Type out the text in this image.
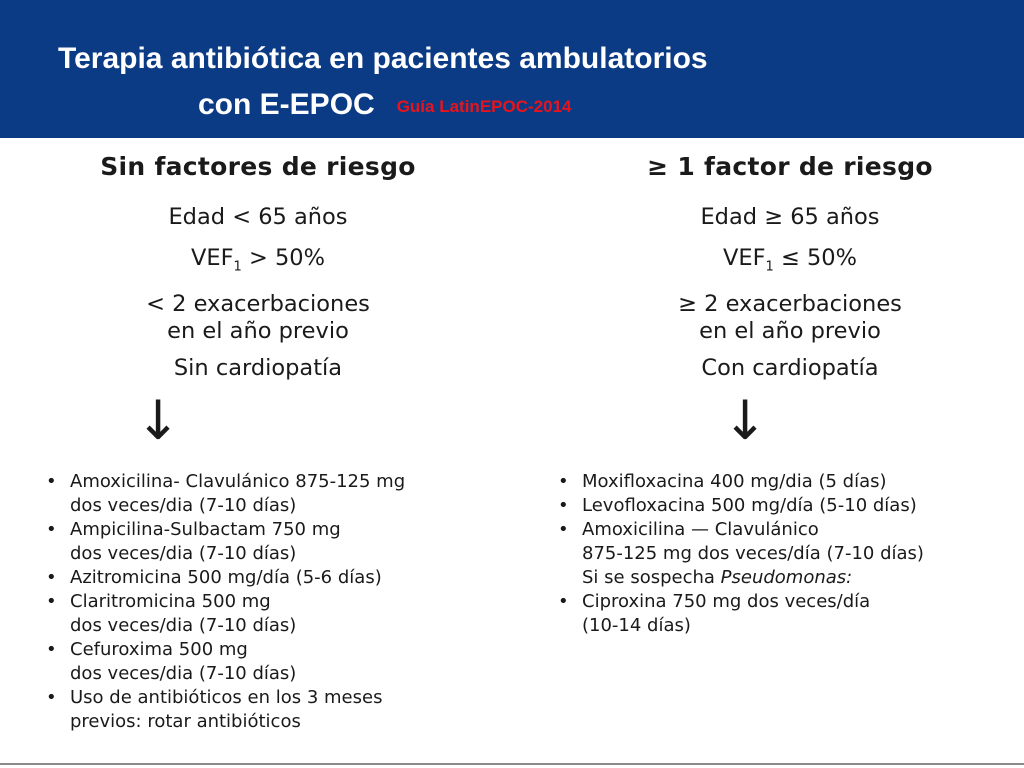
Terapia antibiótica en pacientes ambulatorios
con E-EPOC Guía LatinEPOC-2014
Sin factores de riesgo
Edad < 65 años
$VEF_1 > 50\%$
< 2 exacerbaciones
en el año previo
Sin cardiopatía
↓
• Amoxicilina- Clavulánico 875-125 mg
dos veces/dia (7-10 días)
• Ampicilina-Sulbactam 750 mg
dos veces/dia (7-10 días)
• Azitromicina 500 mg/día (5-6 días)
• Claritromicina 500 mg
dos veces/dia (7-10 días)
• Cefuroxima 500 mg
dos veces/dia (7-10 días)
• Uso de antibióticos en los 3 meses
previos: rotar antibióticos
≥ 1 factor de riesgo
Edad ≥ 65 años
$VEF_1 \le 50\%$
≥ 2 exacerbaciones
en el año previo
Con cardiopatía
↓
• Moxifloxacina 400 mg/dia (5 días)
• Levofloxacina 500 mg/día (5-10 días)
• Amoxicilina — Clavulánico
875-125 mg dos veces/día (7-10 días)
Si se sospecha Pseudomonas:
• Ciproxina 750 mg dos veces/día
(10-14 días)
